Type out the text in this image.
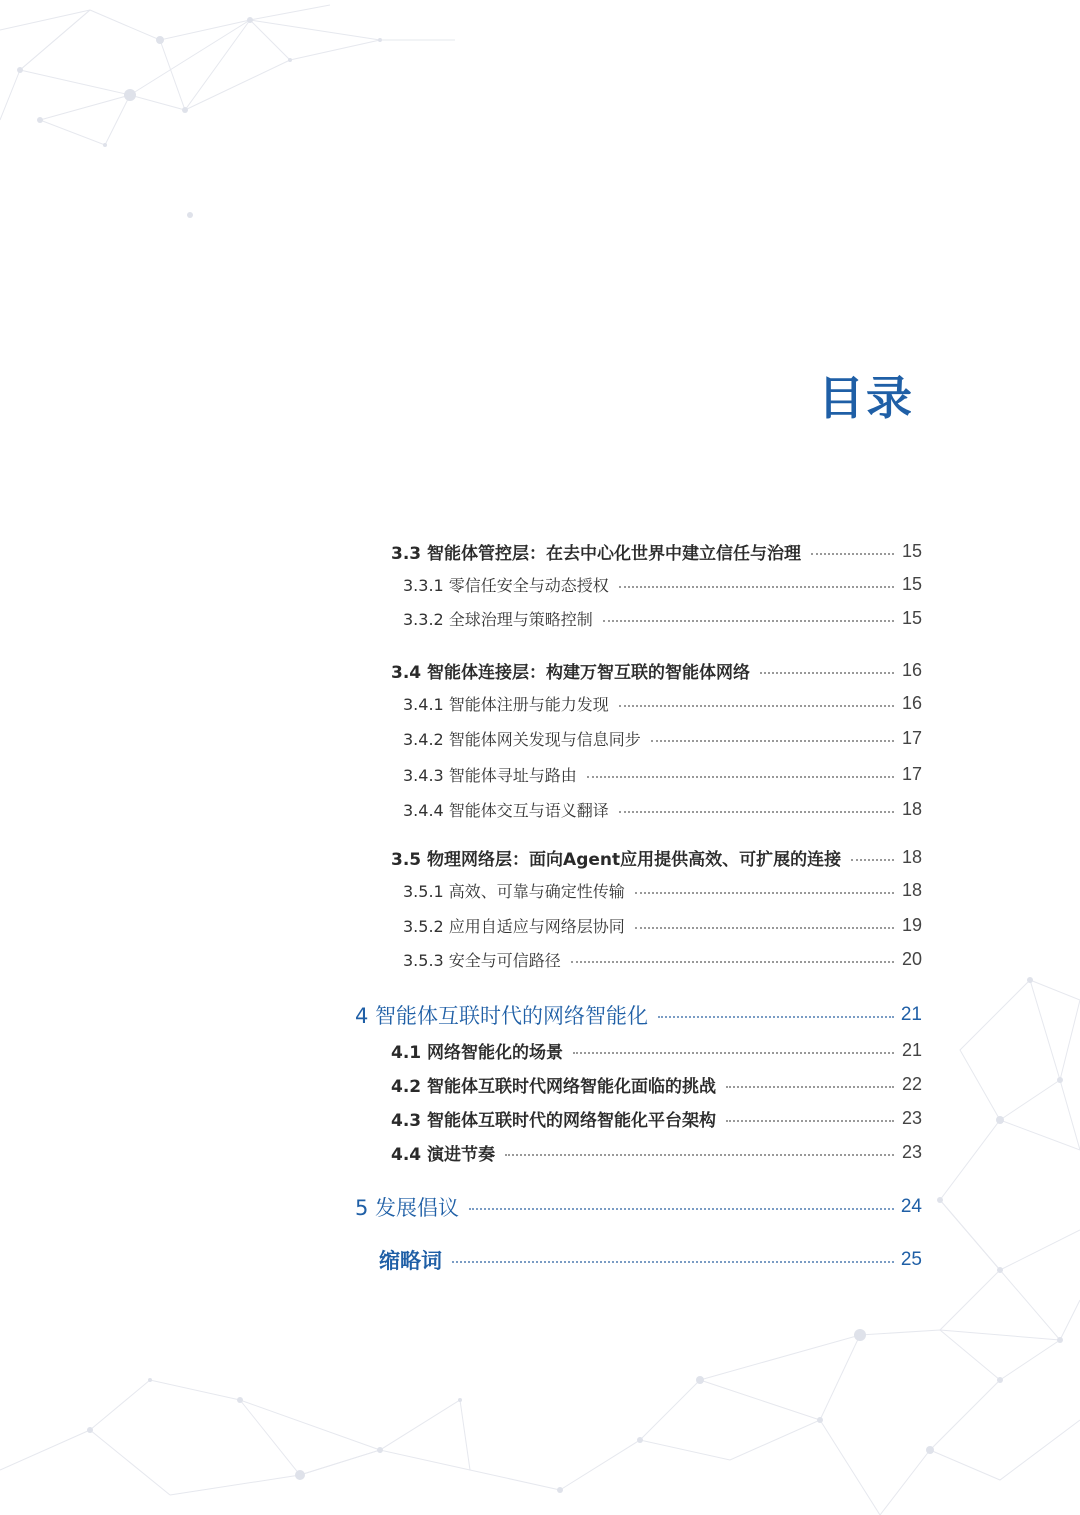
目录
3.3 智能体管控层：在去中心化世界中建立信任与治理	15
3.3.1 零信任安全与动态授权	15
3.3.2 全球治理与策略控制	15
3.4 智能体连接层：构建万智互联的智能体网络	16
3.4.1 智能体注册与能力发现	16
3.4.2 智能体网关发现与信息同步	17
3.4.3 智能体寻址与路由	17
3.4.4 智能体交互与语义翻译	18
3.5 物理网络层：面向Agent应用提供高效、可扩展的连接	18
3.5.1 高效、可靠与确定性传输	18
3.5.2 应用自适应与网络层协同	19
3.5.3 安全与可信路径	20
4 智能体互联时代的网络智能化	21
4.1 网络智能化的场景	21
4.2 智能体互联时代网络智能化面临的挑战	22
4.3 智能体互联时代的网络智能化平台架构	23
4.4 演进节奏	23
5 发展倡议	24
缩略词	25
